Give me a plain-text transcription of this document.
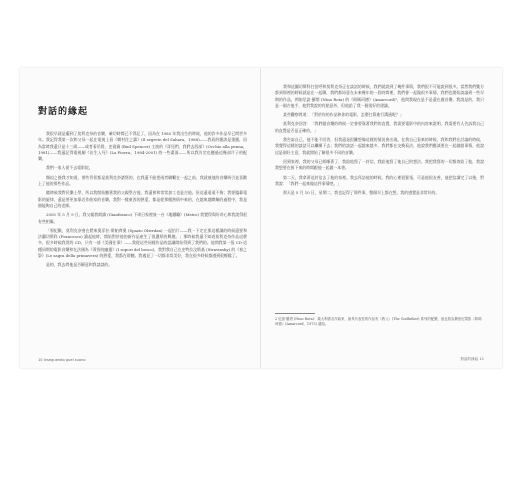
對話的緣起

我很早就是擺到了莫利克奈的音樂，確切時間已不得記了，因為在 1985 年我出生的時候，他的許多作品早已問世多年。我記得我第一次和父母一起在電視上看《鄉村往之鎮》(Il segreto del Sahara，1988)——我看的應該是重播，因為當時我還只是十三歲——或者看吊燈，史賓賽 (Bud Spencer) 主演的《哥兒們，我們去西部》(Occhio alla penna，1981)——我還記得電視劇《出生入死》(La Piovra，1984-2001) 的一些畫面——所以我肯定也聽過這幾部片子的配樂。

我們一家人從不去電影院。

類似之後我才知道，那些背景都是莫利克奈譜寫的，在我還不能把兩者聯繫在一起之前，我就被他的音樂吸引並喜歡上了他的那些作品。

隨時候我對民樂上學，所以我開始聽著我的父親學吉他，我還會和常常加工也是吉他。但這還遠遠不夠；我要臨摹電影的旋律，還是要更加靠近作曲家的音樂。我對一樣東西的熱愛，都是從那種熱情中來的，在越來越瞭解的過程中，我是個能夠自己的老師。

2005 年 5 月 9 日，我父親我朗讀 (Gianfranco) 下周日家裡放一台《地鐵職》(Metro) 我覺得與好奇心和我說得很有些相像。

「那紀歡，莫利克奈會在將來奧菲拉·斯帕齊奧 (Spazio Oberdan) 一起拍片——我一下定在那這樣讀的時候還要和法蘭切斯科 (Francesco) 讀起他時，開始對於他的新作品產生了很濃厚的興趣。」那時候我還不知道莫利克奈作品這麼多，很多時候我買的 CD，只有一部《美國往事》——我從這些同樣作品的認識開始得到了我們的。他問我第一張 CD·這種同期的電影音樂和在法國為《黃昏的幽靈》(I sopori del bosco)，我對我自己在史特拉汶斯基 (Stravinsky) 的《春之祭》(Le sagra della primavera) 的熱愛，我都在聆聽。我遇見了一切都非常美好，我在很多時候都感到很輕鬆了。

是的，我去問他是否願意和我談談的。

10 Inseguendo quel suono

我和這圖切斯科打招呼和莫利克奈正在談話的時候，我們就說到了幾件事情，我們很不可能說到很多。當然我們雙方都到那裡的時候就是在一起聊，我們都同意在未來幾年的一段時間裡，我們會一起做很多事情，我們也開始談論到一些早期的作品，例如尼諾·羅塔 (Nino Rota) 的《阿瑪珂德》(Amarcord)²，他問我現在是不是還在做音樂，我說是的，我只是一個吉他手，他對我說的有點意外，但他給了我一個很好的建議。

某些觀察問道：「對於你的作品和你的電影，怎麼打算進行溝通呢？」

莫利克奈回答：「我們做音樂的時候一定會要靠著我們的直覺，我需要電影中的內容來說明，我需要有人告訴我自己的直覺是否是正確的。」

我告訴自己，他不能不回答，但我還是很難想像這樣的情況會出現。在我自己看來的時候，我和我們在討論的時候，我覺得這樣的談話可以繼續下去；我們的談話一起越來越多，我們都在交換看法，他說我們應該要在一起做點事情，他說這是個好主意，我就開始了解很多不同的音樂。

回到家裡，我的父母已經睡著了，我給他寫了一封信，我給他寫了他自己的想法。我把我寫的一切都寄給了他，我說我想要在接下來的時間跟他一起做一本書。

第二天，我拿著這封信去了他的家裡。我去拜訪他的時候，我的心裡很緊張，可是他很友善，他把信讀完了以後，對我說：「我們一起來做這件事情吧。」

那天是 5 月 10 日，星期二，我也記得了那件事，整個早上都在想，我的感覺是非常好的。

2 尼諾·羅塔 (Nino Rota)：義大利著名作曲家，最具代表性的作品有《教父》(The Godfather) 系列的配樂，他也曾為費里尼電影《阿瑪珂德》(Amarcord，1973) 譜曲。
對話的緣起 11
